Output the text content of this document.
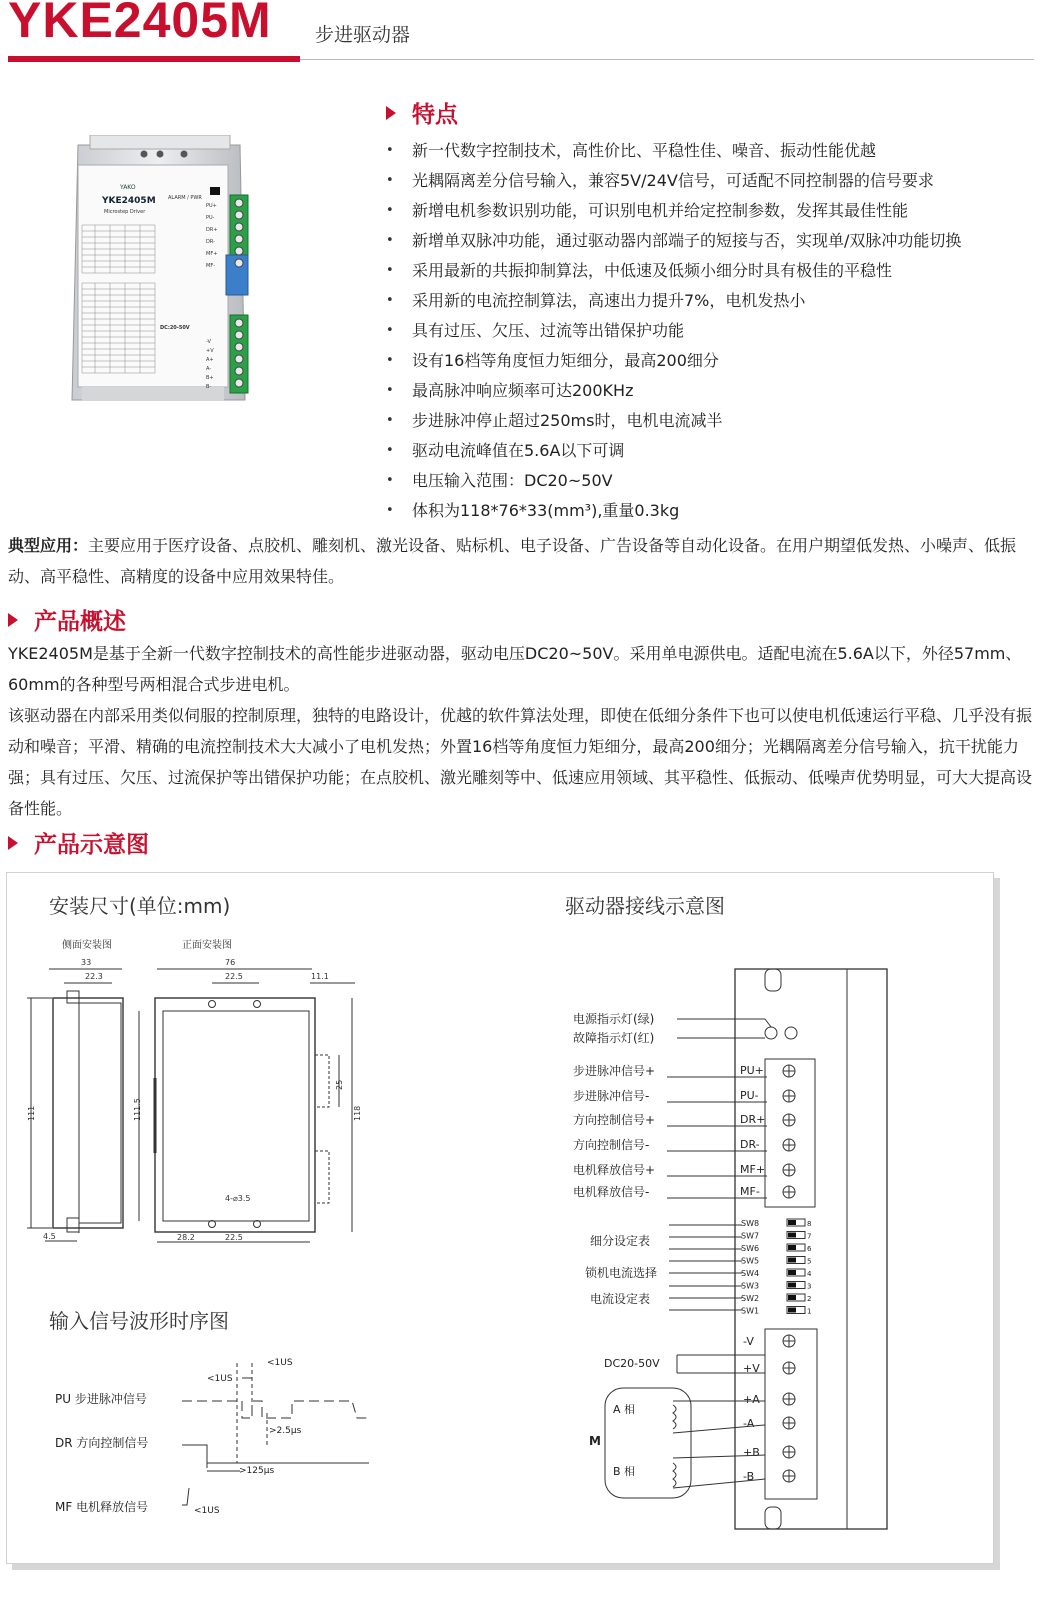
YKE2405M 步进驱动器
YAKO
YKE2405M
Microstep Driver
ALARM / PWR
DC:20-50V
PU+
PU-
DR+
DR-
MF+
MF-
-V
+V
A+
A-
B+
B-
特点
• 新一代数字控制技术，高性价比、平稳性佳、噪音、振动性能优越
• 光耦隔离差分信号输入，兼容5V/24V信号，可适配不同控制器的信号要求
• 新增电机参数识别功能，可识别电机并给定控制参数，发挥其最佳性能
• 新增单双脉冲功能，通过驱动器内部端子的短接与否，实现单/双脉冲功能切换
• 采用最新的共振抑制算法，中低速及低频小细分时具有极佳的平稳性
• 采用新的电流控制算法，高速出力提升7%，电机发热小
• 具有过压、欠压、过流等出错保护功能
• 设有16档等角度恒力矩细分，最高200细分
• 最高脉冲响应频率可达200KHz
• 步进脉冲停止超过250ms时，电机电流减半
• 驱动电流峰值在5.6A以下可调
• 电压输入范围：DC20~50V
• 体积为118*76*33(mm³),重量0.3kg
典型应用：主要应用于医疗设备、点胶机、雕刻机、激光设备、贴标机、电子设备、广告设备等自动化设备。在用户期望低发热、小噪声、低振动、高平稳性、高精度的设备中应用效果特佳。
产品概述
YKE2405M是基于全新一代数字控制技术的高性能步进驱动器，驱动电压DC20~50V。采用单电源供电。适配电流在5.6A以下，外径57mm、60mm的各种型号两相混合式步进电机。
该驱动器在内部采用类似伺服的控制原理，独特的电路设计，优越的软件算法处理，即使在低细分条件下也可以使电机低速运行平稳、几乎没有振动和噪音；平滑、精确的电流控制技术大大减小了电机发热；外置16档等角度恒力矩细分，最高200细分；光耦隔离差分信号输入，抗干扰能力强；具有过压、欠压、过流保护等出错保护功能；在点胶机、激光雕刻等中、低速应用领域、其平稳性、低振动、低噪声优势明显，可大大提高设备性能。
产品示意图
安装尺寸(单位:mm)
侧面安装图	正面安装图
33
22.3
111
4.5
76
22.5	11.1
111.5	118
25
4-⌀3.5
28.2	22.5
输入信号波形时序图
PU 步进脉冲信号
DR 方向控制信号
MF 电机释放信号
<1US
<1US
>2.5μs
>125μs
<1US
驱动器接线示意图
电源指示灯(绿)
故障指示灯(红)
步进脉冲信号+	PU+
步进脉冲信号-	PU-
方向控制信号+	DR+
方向控制信号-	DR-
电机释放信号+	MF+
电机释放信号-	MF-
SW8	8
SW7	7
SW6	6
SW5	5
SW4	4
SW3	3
SW2	2
SW1	1
细分设定表
锁机电流选择
电流设定表
DC20-50V
-V
+V
+A
-A
+B
-B
M
A 相
B 相
